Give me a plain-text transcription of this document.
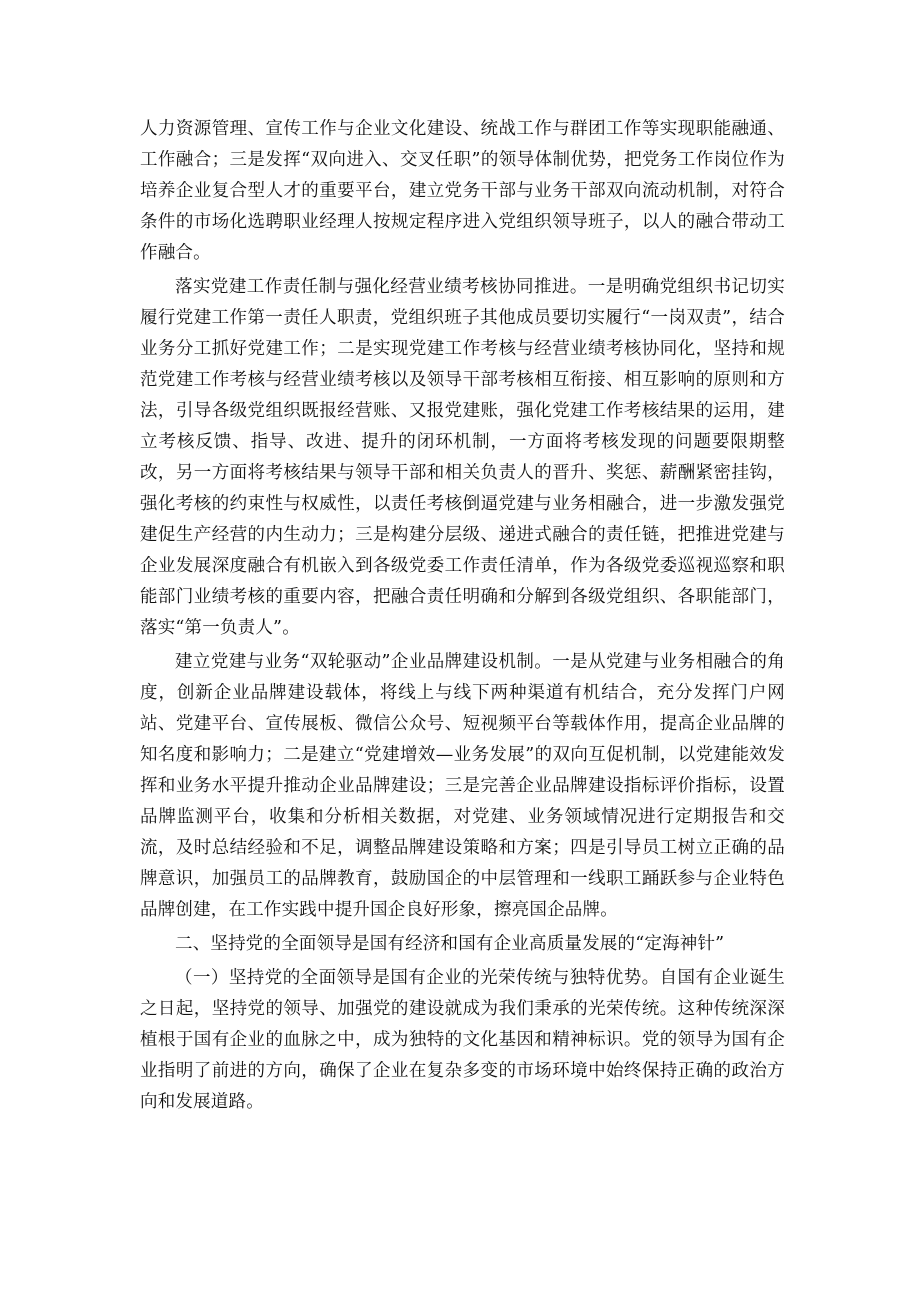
人力资源管理、宣传工作与企业文化建设、统战工作与群团工作等实现职能融通、工作融合；三是发挥“双向进入、交叉任职”的领导体制优势，把党务工作岗位作为培养企业复合型人才的重要平台，建立党务干部与业务干部双向流动机制，对符合条件的市场化选聘职业经理人按规定程序进入党组织领导班子，以人的融合带动工作融合。

落实党建工作责任制与强化经营业绩考核协同推进。一是明确党组织书记切实履行党建工作第一责任人职责，党组织班子其他成员要切实履行“一岗双责”，结合业务分工抓好党建工作；二是实现党建工作考核与经营业绩考核协同化，坚持和规范党建工作考核与经营业绩考核以及领导干部考核相互衔接、相互影响的原则和方法，引导各级党组织既报经营账、又报党建账，强化党建工作考核结果的运用，建立考核反馈、指导、改进、提升的闭环机制，一方面将考核发现的问题要限期整改，另一方面将考核结果与领导干部和相关负责人的晋升、奖惩、薪酬紧密挂钩，强化考核的约束性与权威性，以责任考核倒逼党建与业务相融合，进一步激发强党建促生产经营的内生动力；三是构建分层级、递进式融合的责任链，把推进党建与企业发展深度融合有机嵌入到各级党委工作责任清单，作为各级党委巡视巡察和职能部门业绩考核的重要内容，把融合责任明确和分解到各级党组织、各职能部门，落实“第一负责人”。

建立党建与业务“双轮驱动”企业品牌建设机制。一是从党建与业务相融合的角度，创新企业品牌建设载体，将线上与线下两种渠道有机结合，充分发挥门户网站、党建平台、宣传展板、微信公众号、短视频平台等载体作用，提高企业品牌的知名度和影响力；二是建立“党建增效—业务发展”的双向互促机制，以党建能效发挥和业务水平提升推动企业品牌建设；三是完善企业品牌建设指标评价指标，设置品牌监测平台，收集和分析相关数据，对党建、业务领域情况进行定期报告和交流，及时总结经验和不足，调整品牌建设策略和方案；四是引导员工树立正确的品牌意识，加强员工的品牌教育，鼓励国企的中层管理和一线职工踊跃参与企业特色品牌创建，在工作实践中提升国企良好形象，擦亮国企品牌。

二、坚持党的全面领导是国有经济和国有企业高质量发展的“定海神针”

（一）坚持党的全面领导是国有企业的光荣传统与独特优势。自国有企业诞生之日起，坚持党的领导、加强党的建设就成为我们秉承的光荣传统。这种传统深深植根于国有企业的血脉之中，成为独特的文化基因和精神标识。党的领导为国有企业指明了前进的方向，确保了企业在复杂多变的市场环境中始终保持正确的政治方向和发展道路。
